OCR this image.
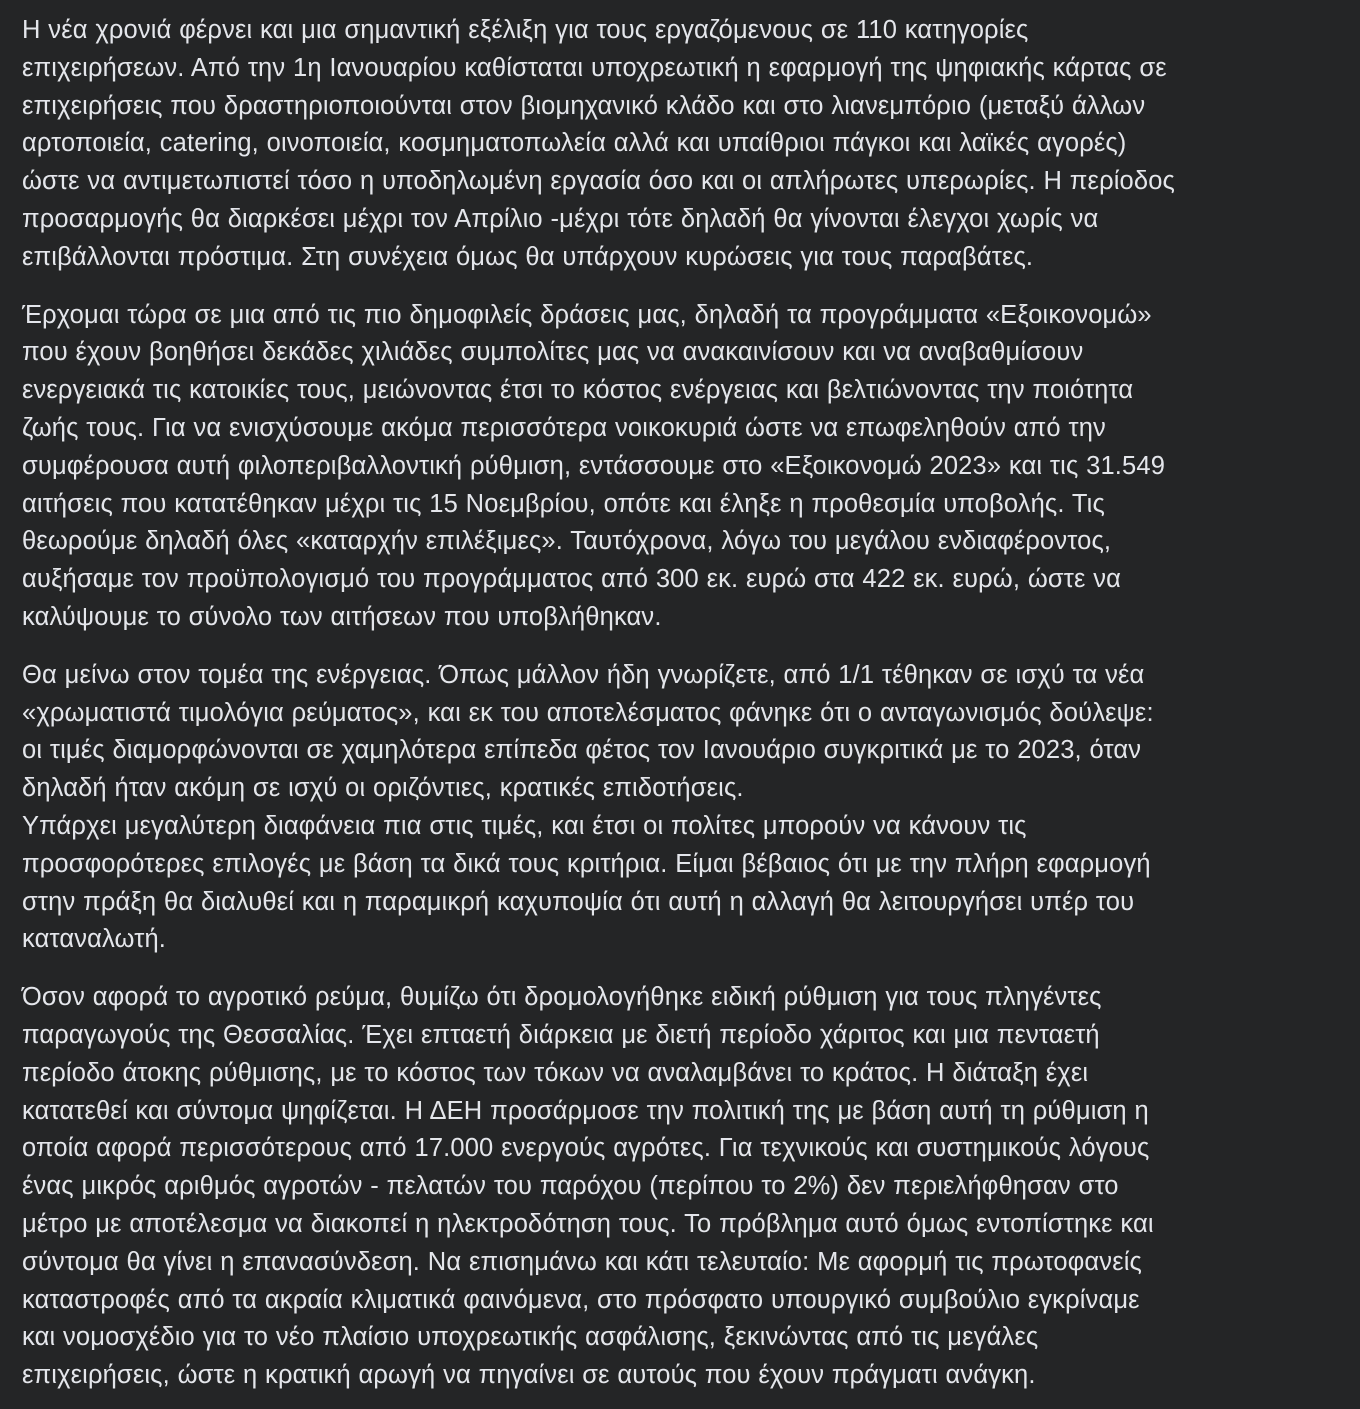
Η νέα χρονιά φέρνει και μια σημαντική εξέλιξη για τους εργαζόμενους σε 110 κατηγορίες
επιχειρήσεων. Από την 1η Ιανουαρίου καθίσταται υποχρεωτική η εφαρμογή της ψηφιακής κάρτας σε
επιχειρήσεις που δραστηριοποιούνται στον βιομηχανικό κλάδο και στο λιανεμπόριο (μεταξύ άλλων
αρτοποιεία, catering, οινοποιεία, κοσμηματοπωλεία αλλά και υπαίθριοι πάγκοι και λαϊκές αγορές)
ώστε να αντιμετωπιστεί τόσο η υποδηλωμένη εργασία όσο και οι απλήρωτες υπερωρίες. Η περίοδος
προσαρμογής θα διαρκέσει μέχρι τον Απρίλιο -μέχρι τότε δηλαδή θα γίνονται έλεγχοι χωρίς να
επιβάλλονται πρόστιμα. Στη συνέχεια όμως θα υπάρχουν κυρώσεις για τους παραβάτες.

Έρχομαι τώρα σε μια από τις πιο δημοφιλείς δράσεις μας, δηλαδή τα προγράμματα «Εξοικονομώ»
που έχουν βοηθήσει δεκάδες χιλιάδες συμπολίτες μας να ανακαινίσουν και να αναβαθμίσουν
ενεργειακά τις κατοικίες τους, μειώνοντας έτσι το κόστος ενέργειας και βελτιώνοντας την ποιότητα
ζωής τους. Για να ενισχύσουμε ακόμα περισσότερα νοικοκυριά ώστε να επωφεληθούν από την
συμφέρουσα αυτή φιλοπεριβαλλοντική ρύθμιση, εντάσσουμε στο «Εξοικονομώ 2023» και τις 31.549
αιτήσεις που κατατέθηκαν μέχρι τις 15 Νοεμβρίου, οπότε και έληξε η προθεσμία υποβολής. Τις
θεωρούμε δηλαδή όλες «καταρχήν επιλέξιμες». Ταυτόχρονα, λόγω του μεγάλου ενδιαφέροντος,
αυξήσαμε τον προϋπολογισμό του προγράμματος από 300 εκ. ευρώ στα 422 εκ. ευρώ, ώστε να
καλύψουμε το σύνολο των αιτήσεων που υποβλήθηκαν.

Θα μείνω στον τομέα της ενέργειας. Όπως μάλλον ήδη γνωρίζετε, από 1/1 τέθηκαν σε ισχύ τα νέα
«χρωματιστά τιμολόγια ρεύματος», και εκ του αποτελέσματος φάνηκε ότι ο ανταγωνισμός δούλεψε:
οι τιμές διαμορφώνονται σε χαμηλότερα επίπεδα φέτος τον Ιανουάριο συγκριτικά με το 2023, όταν
δηλαδή ήταν ακόμη σε ισχύ οι οριζόντιες, κρατικές επιδοτήσεις.
Υπάρχει μεγαλύτερη διαφάνεια πια στις τιμές, και έτσι οι πολίτες μπορούν να κάνουν τις
προσφορότερες επιλογές με βάση τα δικά τους κριτήρια. Είμαι βέβαιος ότι με την πλήρη εφαρμογή
στην πράξη θα διαλυθεί και η παραμικρή καχυποψία ότι αυτή η αλλαγή θα λειτουργήσει υπέρ του
καταναλωτή.

Όσον αφορά το αγροτικό ρεύμα, θυμίζω ότι δρομολογήθηκε ειδική ρύθμιση για τους πληγέντες
παραγωγούς της Θεσσαλίας. Έχει επταετή διάρκεια με διετή περίοδο χάριτος και μια πενταετή
περίοδο άτοκης ρύθμισης, με το κόστος των τόκων να αναλαμβάνει το κράτος. Η διάταξη έχει
κατατεθεί και σύντομα ψηφίζεται. Η ΔΕΗ προσάρμοσε την πολιτική της με βάση αυτή τη ρύθμιση η
οποία αφορά περισσότερους από 17.000 ενεργούς αγρότες. Για τεχνικούς και συστημικούς λόγους
ένας μικρός αριθμός αγροτών - πελατών του παρόχου (περίπου το 2%) δεν περιελήφθησαν στο
μέτρο με αποτέλεσμα να διακοπεί η ηλεκτροδότηση τους. Το πρόβλημα αυτό όμως εντοπίστηκε και
σύντομα θα γίνει η επανασύνδεση. Να επισημάνω και κάτι τελευταίο: Με αφορμή τις πρωτοφανείς
καταστροφές από τα ακραία κλιματικά φαινόμενα, στο πρόσφατο υπουργικό συμβούλιο εγκρίναμε
και νομοσχέδιο για το νέο πλαίσιο υποχρεωτικής ασφάλισης, ξεκινώντας από τις μεγάλες
επιχειρήσεις, ώστε η κρατική αρωγή να πηγαίνει σε αυτούς που έχουν πράγματι ανάγκη.
